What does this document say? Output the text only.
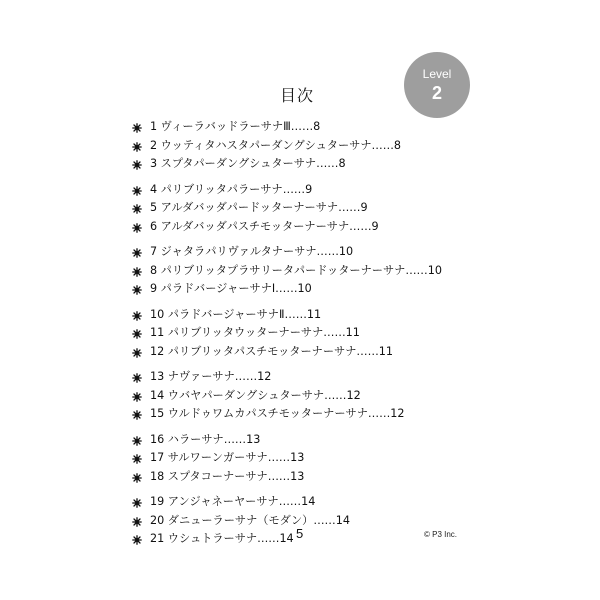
Level
2
目次
1 ヴィーラバッドラーサナⅢ……8
2 ウッティタハスタパーダングシュターサナ……8
3 スプタパーダングシュターサナ……8
4 パリブリッタパラーサナ……9
5 アルダバッダパードッターナーサナ……9
6 アルダバッダパスチモッターナーサナ……9
7 ジャタラパリヴァルタナーサナ……10
8 パリブリッタプラサリータパードッターナーサナ……10
9 パラドバージャーサナⅠ……10
10 パラドバージャーサナⅡ……11
11 パリブリッタウッターナーサナ……11
12 パリブリッタパスチモッターナーサナ……11
13 ナヴァーサナ……12
14 ウバヤパーダングシュターサナ……12
15 ウルドゥワムカパスチモッターナーサナ……12
16 ハラーサナ……13
17 サルワーンガーサナ……13
18 スプタコーナーサナ……13
19 アンジャネーヤーサナ……14
20 ダニューラーサナ（モダン）……14
21 ウシュトラーサナ……14 5	© P3 Inc.
